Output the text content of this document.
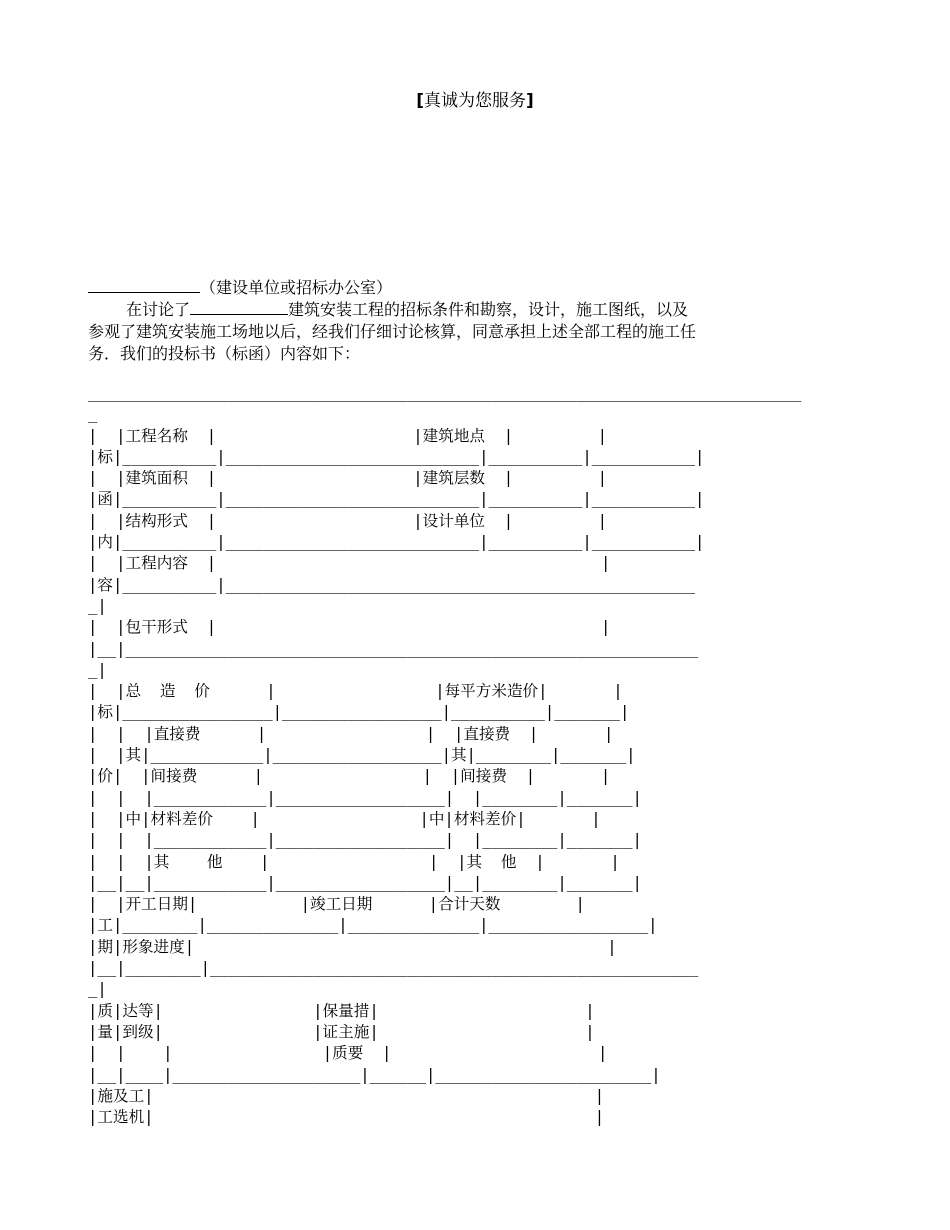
[真诚为您服务]
（建设单位或招标办公室）
在讨论了	建筑安装工程的招标条件和勘察，设计，施工图纸，以及
参观了建筑安装施工场地以后，经我们仔细讨论核算，同意承担上述全部工程的施工任
务．我们的投标书（标函）内容如下：
____________________________________________________________________________
_
|  |工程名称  |                     |建筑地点  |         |
|标|__________|___________________________|__________|___________|
|  |建筑面积  |                     |建筑层数  |         |
|函|__________|___________________________|__________|___________|
|  |结构形式  |                     |设计单位  |         |
|内|__________|___________________________|__________|___________|
|  |工程内容  |                                         |
|容|__________|__________________________________________________
_|
|  |包干形式  |                                         |
|__|_____________________________________________________________
_|
|  |总  造  价      |                 |每平方米造价|       |
|标|________________|_________________|__________|_______|
|  |  |直接费      |                 |  |直接费  |       |
|  |其|____________|__________________|其|________|_______|
|价|  |间接费      |                 |  |间接费  |       |
|  |  |____________|__________________|  |________|_______|
|  |中|材料差价    |                 |中|材料差价|       |
|  |  |____________|__________________|  |________|_______|
|  |  |其    他    |                 |  |其  他  |       |
|__|__|____________|__________________|__|________|_______|
|  |开工日期|           |竣工日期      |合计天数        |
|工|________|______________|______________|_________________|
|期|形象进度|                                            |
|__|________|____________________________________________________
_|
|质|达等|                |保量措|                      |
|量|到级|                |证主施|                      |
|  |    |                |质要  |                      |
|__|____|____________________|______|_______________________|
|施及工|                                               |
|工选机|                                               |
